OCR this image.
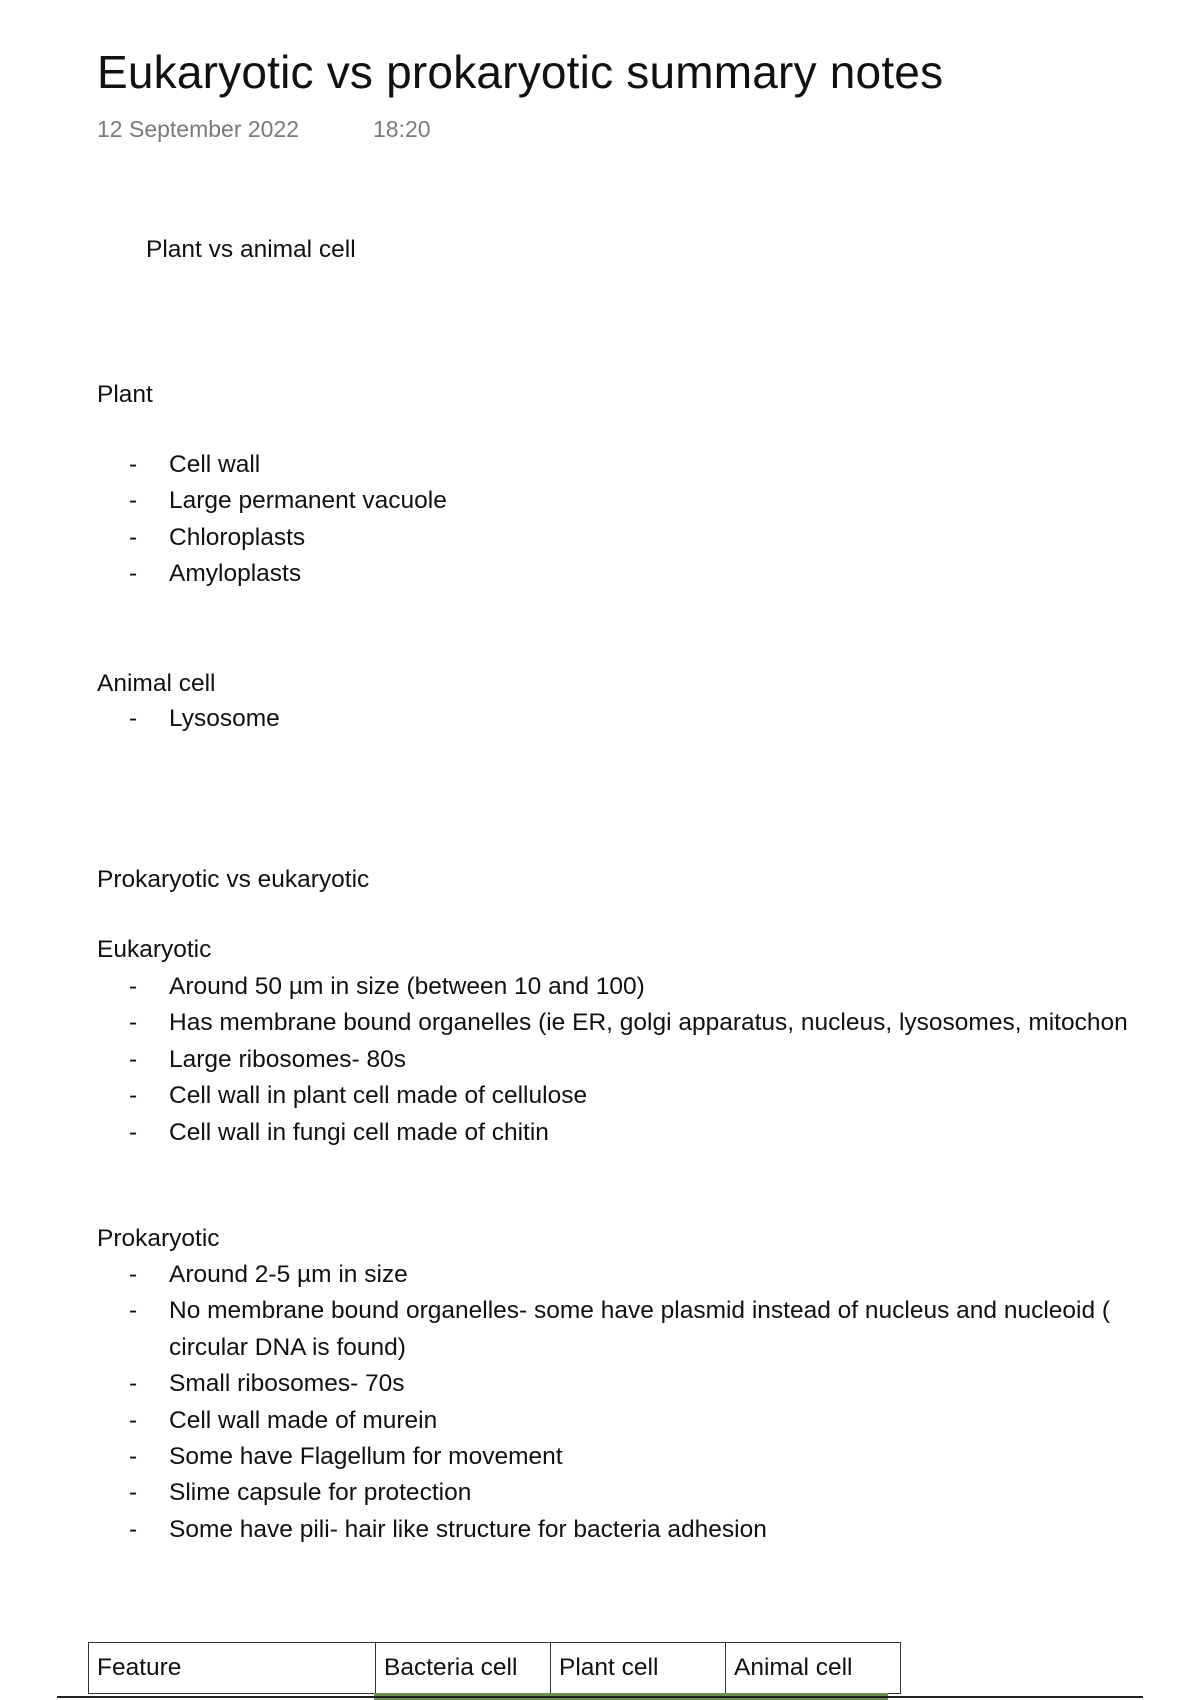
Eukaryotic vs prokaryotic summary notes
12 September 2022	18:20
Plant vs animal cell
Plant
- Cell wall
- Large permanent vacuole
- Chloroplasts
- Amyloplasts
Animal cell
- Lysosome
Prokaryotic vs eukaryotic
Eukaryotic
- Around 50 µm in size (between 10 and 100)
- Has membrane bound organelles (ie ER, golgi apparatus, nucleus, lysosomes, mitochon
- Large ribosomes- 80s
- Cell wall in plant cell made of cellulose
- Cell wall in fungi cell made of chitin
Prokaryotic
- Around 2-5 µm in size
- No membrane bound organelles- some have plasmid instead of nucleus and nucleoid (
circular DNA is found)
- Small ribosomes- 70s
- Cell wall made of murein
- Some have Flagellum for movement
- Slime capsule for protection
- Some have pili- hair like structure for bacteria adhesion
Feature	Bacteria cell	Plant cell	Animal cell
